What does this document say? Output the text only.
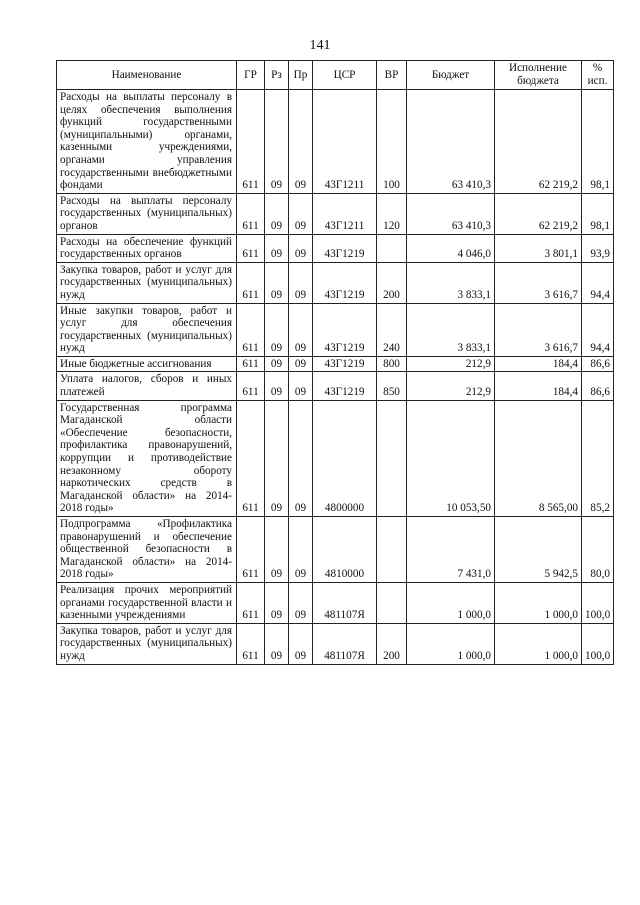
141
Наименование	ГР	Рз	Пр	ЦСР	ВР	Бюджет	Исполнение бюджета	% исп.
Расходы на выплаты персоналу в целях обеспечения выполнения функций государственными (муниципальными) органами, казенными учреждениями, органами управления государственными внебюджетными фондами	611	09	09	43Г1211	100	63 410,3	62 219,2	98,1
Расходы на выплаты персоналу государственных (муниципальных) органов	611	09	09	43Г1211	120	63 410,3	62 219,2	98,1
Расходы на обеспечение функций государственных органов	611	09	09	43Г1219		4 046,0	3 801,1	93,9
Закупка товаров, работ и услуг для государственных (муниципальных) нужд	611	09	09	43Г1219	200	3 833,1	3 616,7	94,4
Иные закупки товаров, работ и услуг для обеспечения государственных (муниципальных) нужд	611	09	09	43Г1219	240	3 833,1	3 616,7	94,4
Иные бюджетные ассигнования	611	09	09	43Г1219	800	212,9	184,4	86,6
Уплата налогов, сборов и иных платежей	611	09	09	43Г1219	850	212,9	184,4	86,6
Государственная программа Магаданской области «Обеспечение безопасности, профилактика правонарушений, коррупции и противодействие незаконному обороту наркотических средств в Магаданской области» на 2014-2018 годы»	611	09	09	4800000		10 053,50	8 565,00	85,2
Подпрограмма «Профилактика правонарушений и обеспечение общественной безопасности в Магаданской области» на 2014-2018 годы»	611	09	09	4810000		7 431,0	5 942,5	80,0
Реализация прочих мероприятий органами государственной власти и казенными учреждениями	611	09	09	481107Я		1 000,0	1 000,0	100,0
Закупка товаров, работ и услуг для государственных (муниципальных) нужд	611	09	09	481107Я	200	1 000,0	1 000,0	100,0
